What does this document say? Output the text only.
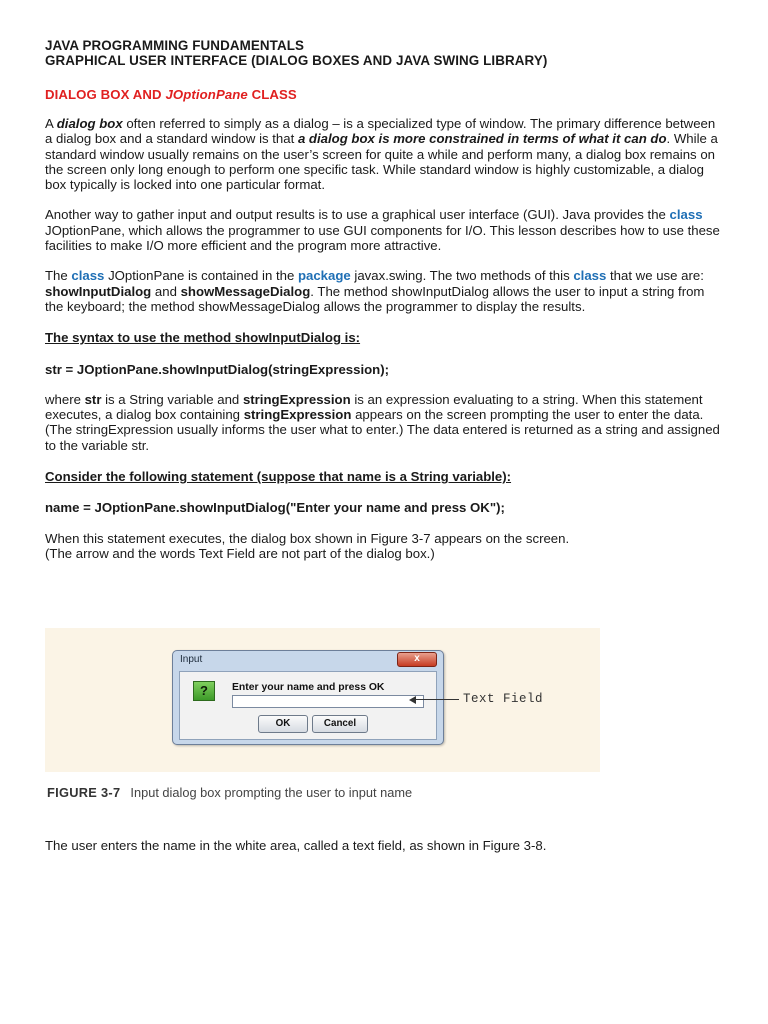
JAVA PROGRAMMING FUNDAMENTALS
GRAPHICAL USER INTERFACE (DIALOG BOXES AND JAVA SWING LIBRARY)
DIALOG BOX AND JOptionPane CLASS

A dialog box often referred to simply as a dialog – is a specialized type of window. The primary difference between a dialog box and a standard window is that a dialog box is more constrained in terms of what it can do. While a standard window usually remains on the user’s screen for quite a while and perform many, a dialog box remains on the screen only long enough to perform one specific task. While standard window is highly customizable, a dialog box typically is locked into one particular format.

Another way to gather input and output results is to use a graphical user interface (GUI). Java provides the class JOptionPane, which allows the programmer to use GUI components for I/O. This lesson describes how to use these facilities to make I/O more efficient and the program more attractive.

The class JOptionPane is contained in the package javax.swing. The two methods of this class that we use are: showInputDialog and showMessageDialog. The method showInputDialog allows the user to input a string from the keyboard; the method showMessageDialog allows the programmer to display the results.

The syntax to use the method showInputDialog is:

str = JOptionPane.showInputDialog(stringExpression);

where str is a String variable and stringExpression is an expression evaluating to a string. When this statement executes, a dialog box containing stringExpression appears on the screen prompting the user to enter the data. (The stringExpression usually informs the user what to enter.) The data entered is returned as a string and assigned to the variable str.

Consider the following statement (suppose that name is a String variable):

name = JOptionPane.showInputDialog("Enter your name and press OK");

When this statement executes, the dialog box shown in Figure 3-7 appears on the screen.
(The arrow and the words Text Field are not part of the dialog box.)

Input	x
?	Enter your name and press OK
OK	Cancel
Text Field
FIGURE 3-7 Input dialog box prompting the user to input name

The user enters the name in the white area, called a text field, as shown in Figure 3-8.
